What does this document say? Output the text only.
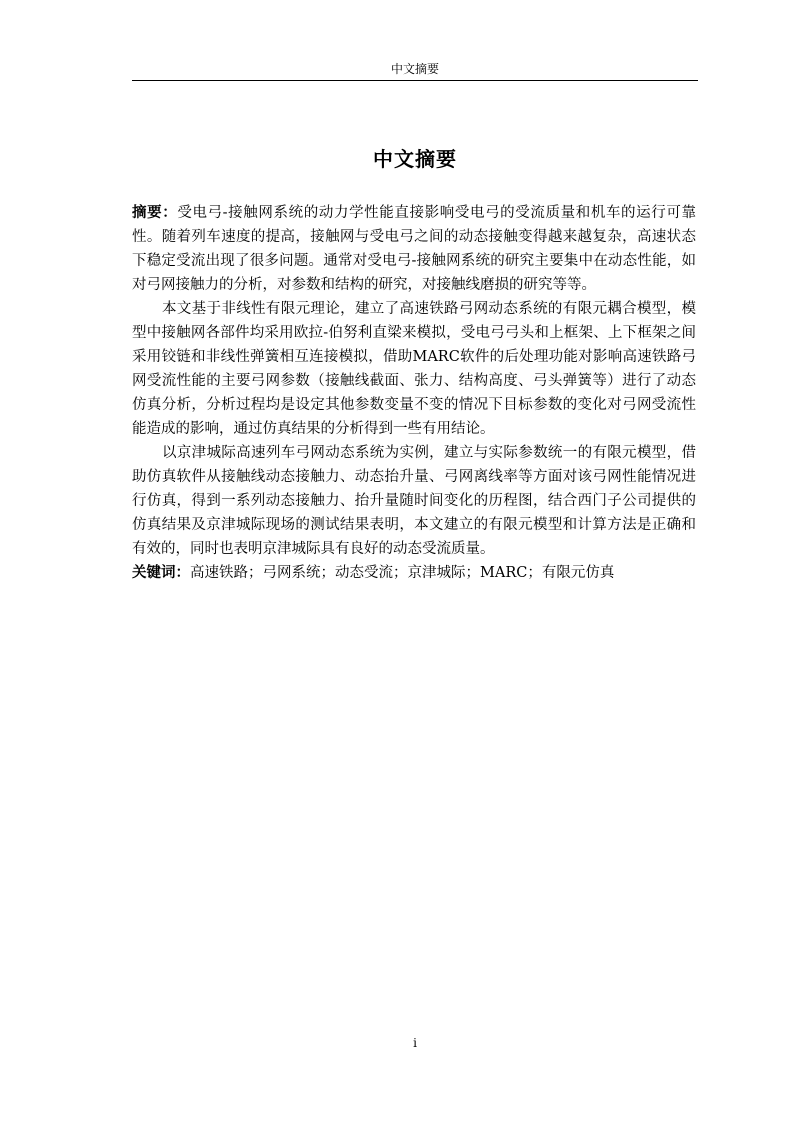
中文摘要
中文摘要

摘要：受电弓-接触网系统的动力学性能直接影响受电弓的受流质量和机车的运行可靠性。随着列车速度的提高，接触网与受电弓之间的动态接触变得越来越复杂，高速状态下稳定受流出现了很多问题。通常对受电弓-接触网系统的研究主要集中在动态性能，如对弓网接触力的分析，对参数和结构的研究，对接触线磨损的研究等等。

本文基于非线性有限元理论，建立了高速铁路弓网动态系统的有限元耦合模型，模型中接触网各部件均采用欧拉-伯努利直梁来模拟，受电弓弓头和上框架、上下框架之间采用铰链和非线性弹簧相互连接模拟，借助MARC软件的后处理功能对影响高速铁路弓网受流性能的主要弓网参数（接触线截面、张力、结构高度、弓头弹簧等）进行了动态仿真分析，分析过程均是设定其他参数变量不变的情况下目标参数的变化对弓网受流性能造成的影响，通过仿真结果的分析得到一些有用结论。

以京津城际高速列车弓网动态系统为实例，建立与实际参数统一的有限元模型，借助仿真软件从接触线动态接触力、动态抬升量、弓网离线率等方面对该弓网性能情况进行仿真，得到一系列动态接触力、抬升量随时间变化的历程图，结合西门子公司提供的仿真结果及京津城际现场的测试结果表明，本文建立的有限元模型和计算方法是正确和有效的，同时也表明京津城际具有良好的动态受流质量。

关键词：高速铁路；弓网系统；动态受流；京津城际；MARC；有限元仿真

i
